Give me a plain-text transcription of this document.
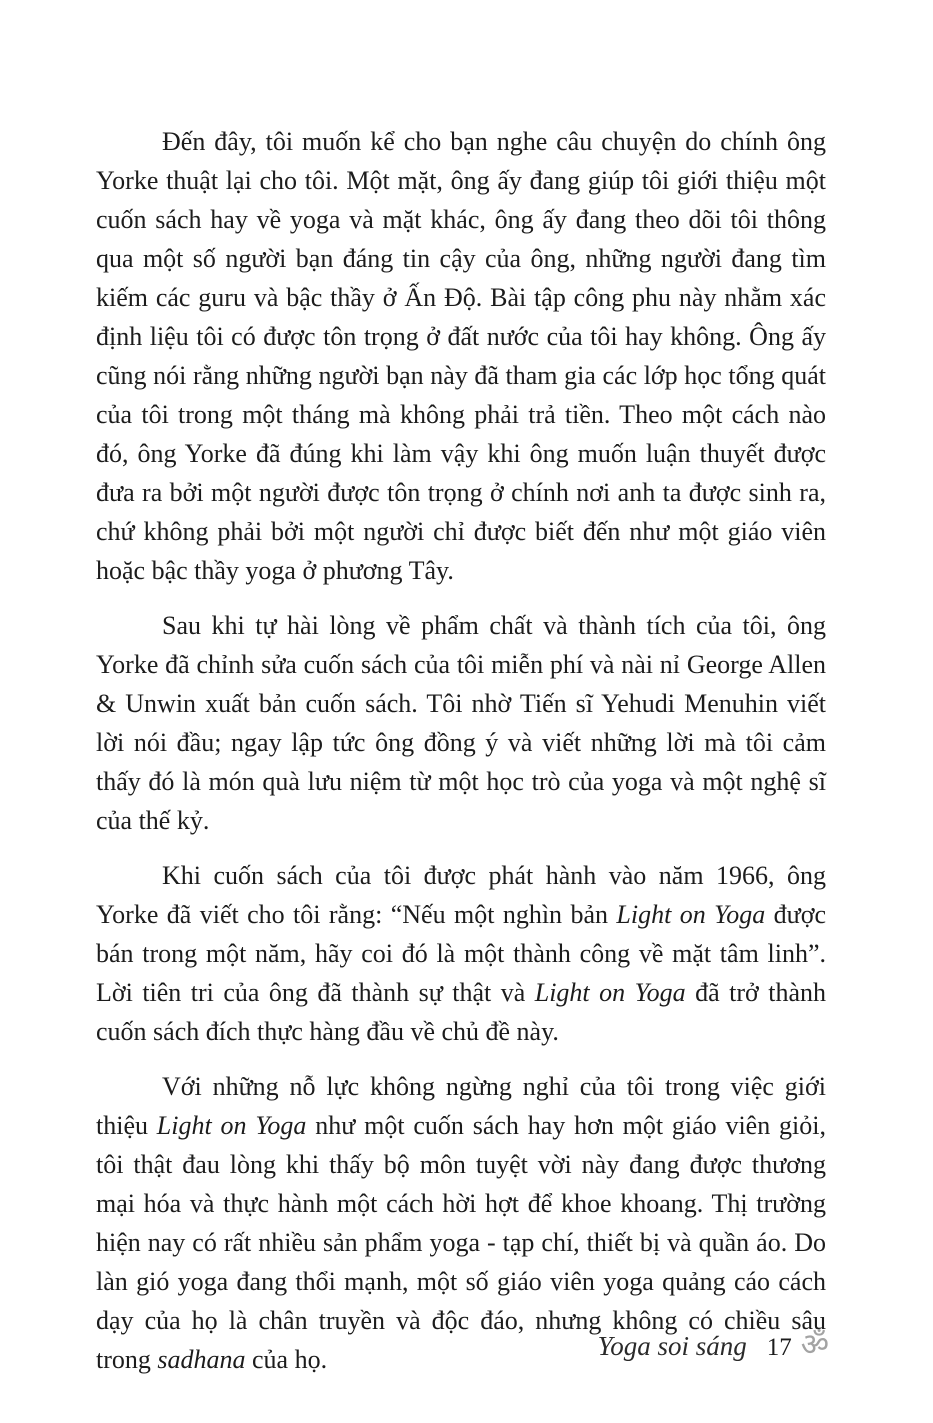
Đến đây, tôi muốn kể cho bạn nghe câu chuyện do chính ông Yorke thuật lại cho tôi. Một mặt, ông ấy đang giúp tôi giới thiệu một cuốn sách hay về yoga và mặt khác, ông ấy đang theo dõi tôi thông qua một số người bạn đáng tin cậy của ông, những người đang tìm kiếm các guru và bậc thầy ở Ấn Độ. Bài tập công phu này nhằm xác định liệu tôi có được tôn trọng ở đất nước của tôi hay không. Ông ấy cũng nói rằng những người bạn này đã tham gia các lớp học tổng quát của tôi trong một tháng mà không phải trả tiền. Theo một cách nào đó, ông Yorke đã đúng khi làm vậy khi ông muốn luận thuyết được đưa ra bởi một người được tôn trọng ở chính nơi anh ta được sinh ra, chứ không phải bởi một người chỉ được biết đến như một giáo viên hoặc bậc thầy yoga ở phương Tây.

Sau khi tự hài lòng về phẩm chất và thành tích của tôi, ông Yorke đã chỉnh sửa cuốn sách của tôi miễn phí và nài nỉ George Allen & Unwin xuất bản cuốn sách. Tôi nhờ Tiến sĩ Yehudi Menuhin viết lời nói đầu; ngay lập tức ông đồng ý và viết những lời mà tôi cảm thấy đó là món quà lưu niệm từ một học trò của yoga và một nghệ sĩ của thế kỷ.

Khi cuốn sách của tôi được phát hành vào năm 1966, ông Yorke đã viết cho tôi rằng: “Nếu một nghìn bản Light on Yoga được bán trong một năm, hãy coi đó là một thành công về mặt tâm linh”. Lời tiên tri của ông đã thành sự thật và Light on Yoga đã trở thành cuốn sách đích thực hàng đầu về chủ đề này.

Với những nỗ lực không ngừng nghỉ của tôi trong việc giới thiệu Light on Yoga như một cuốn sách hay hơn một giáo viên giỏi, tôi thật đau lòng khi thấy bộ môn tuyệt vời này đang được thương mại hóa và thực hành một cách hời hợt để khoe khoang. Thị trường hiện nay có rất nhiều sản phẩm yoga - tạp chí, thiết bị và quần áo. Do làn gió yoga đang thổi mạnh, một số giáo viên yoga quảng cáo cách dạy của họ là chân truyền và độc đáo, nhưng không có chiều sâu trong sadhana của họ.	Yoga soi sáng 17 ॐ
